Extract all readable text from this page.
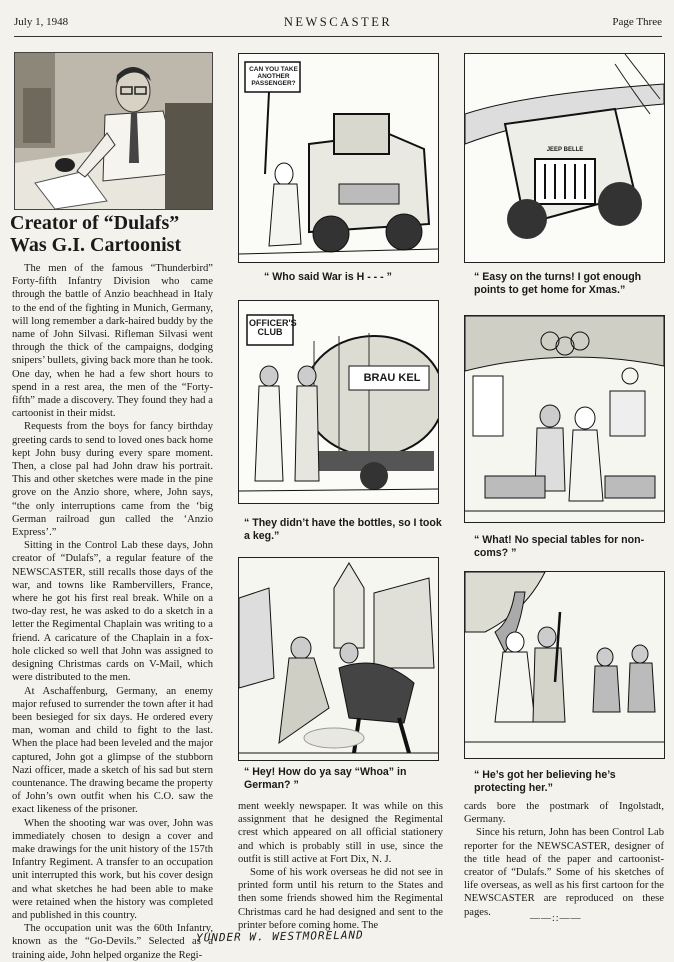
July 1, 1948	NEWSCASTER	Page Three
Creator of “Dulafs”
Was G.I. Cartoonist

The men of the famous “Thunderbird” Forty-fifth Infantry Division who came through the battle of Anzio beachhead in Italy to the end of the fighting in Munich, Germany, will long remember a dark-haired buddy by the name of John Silvasi. Rifleman Silvasi went through the thick of the campaigns, dodging snipers’ bullets, giving back more than he took. One day, when he had a few short hours to spend in a rest area, the men of the “Forty-fifth” made a discovery. They found they had a cartoonist in their midst.

Requests from the boys for fancy birthday greeting cards to send to loved ones back home kept John busy during every spare moment. Then, a close pal had John draw his portrait. This and other sketches were made in the pine grove on the Anzio shore, where, John says, “the only interruptions came from the ‘big German railroad gun called the ‘Anzio Express’.”

Sitting in the Control Lab these days, John creator of “Dulafs”, a regular feature of the NEWSCASTER, still recalls those days of the war, and towns like Rambervillers, France, where he got his first real break. While on a two-day rest, he was asked to do a sketch in a letter the Regimental Chaplain was writing to a friend. A caricature of the Chaplain in a fox-hole clicked so well that John was assigned to designing Christmas cards on V-Mail, which were distributed to the men.

At Aschaffenburg, Germany, an enemy major refused to surrender the town after it had been besieged for six days. He ordered every man, woman and child to fight to the last. When the place had been leveled and the major captured, John got a glimpse of the stubborn Nazi officer, made a sketch of his sad but stern countenance. The drawing became the property of John’s own outfit when his C.O. saw the exact likeness of the prisoner.

When the shooting war was over, John was immediately chosen to design a cover and make drawings for the unit history of the 157th Infantry Regiment. A transfer to an occupation unit interrupted this work, but his cover design and what sketches he had been able to make were retained when the history was completed and published in this country.

The occupation unit was the 60th Infantry, known as the “Go-Devils.” Selected as a training aide, John helped organize the Regi-

ment weekly newspaper. It was while on this assignment that he designed the Regimental crest which appeared on all official stationery and which is probably still in use, since the outfit is still active at Fort Dix, N. J.

Some of his work overseas he did not see in printed form until his return to the States and then some friends showed him the Regimental Christmas card he had designed and sent to the printer before coming home. The

cards bore the postmark of Ingolstadt, Germany.

Since his return, John has been Control Lab reporter for the NEWSCASTER, designer of the title head of the paper and cartoonist-creator of “Dulafs.” Some of his sketches of life overseas, as well as his first cartoon for the NEWSCASTER are reproduced on these pages.

——::——
CAN YOU TAKE ANOTHER PASSENGER?
“ Who said War is H - - - ”
JEEP BELLE
“ Easy on the turns! I got enough points to get home for Xmas.”
OFFICER'S CLUB
BRAU KEL
“ They didn’t have the bottles, so I took a keg.”	“ What! No special tables for non-coms? ”
“ Hey! How do ya say “Whoa” in German? ”
“ He’s got her believing he’s protecting her.”
YUNDER W. WESTMORELAND
